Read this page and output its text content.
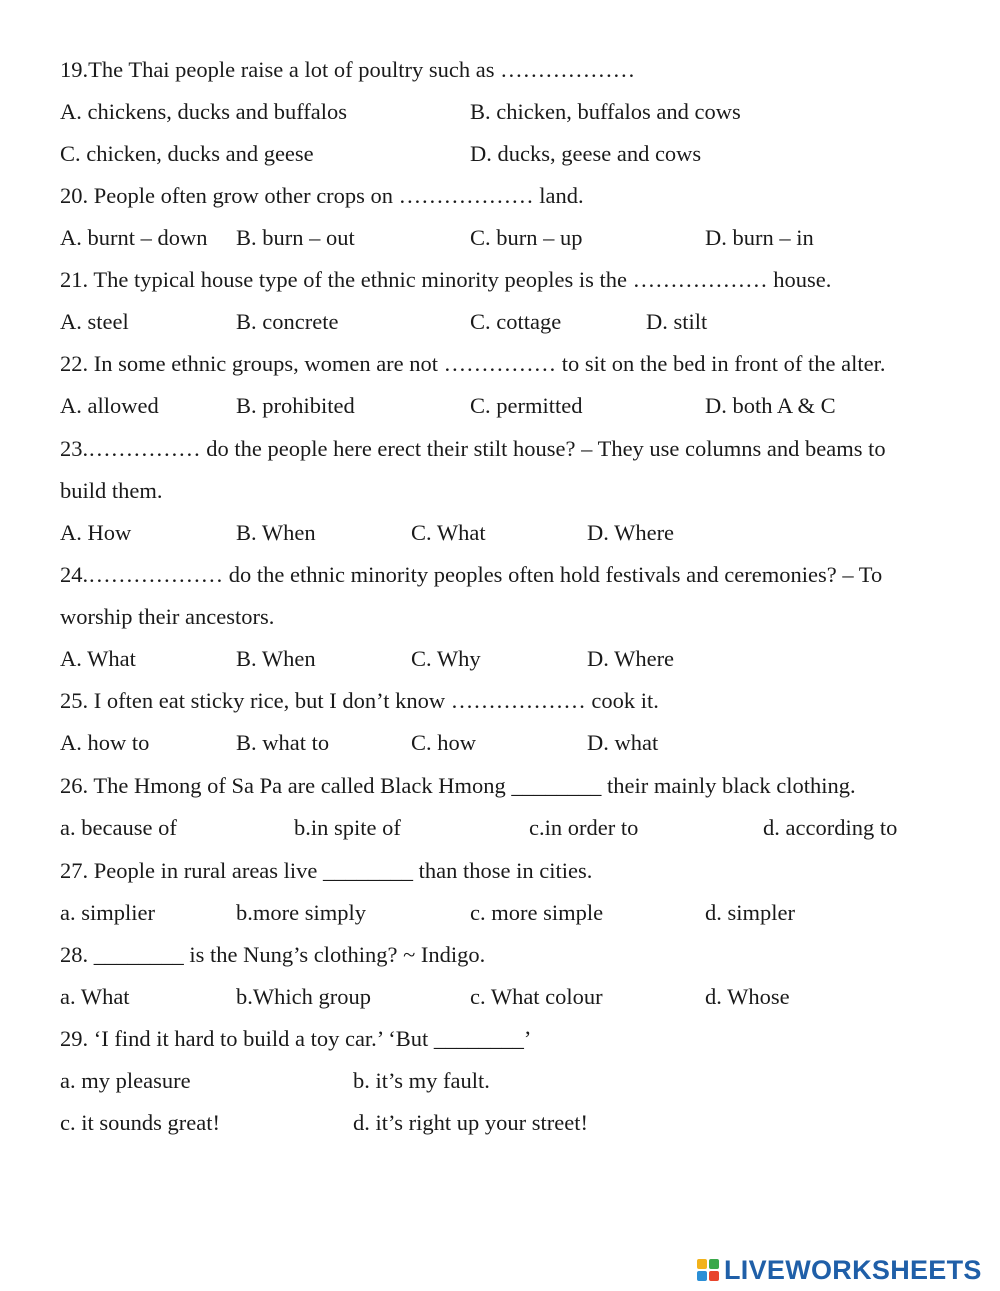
19.The Thai people raise a lot of poultry such as ………………

A. chickens, ducks and buffalos	B. chicken, buffalos and cows
C. chicken, ducks and geese	D. ducks, geese and cows

20. People often grow other crops on ……………… land.

A. burnt – down B. burn – out	C. burn – up	D. burn – in

21. The typical house type of the ethnic minority peoples is the ……………… house.

A. steel	B. concrete	C. cottage	D. stilt

22. In some ethnic groups, women are not …………… to sit on the bed in front of the alter.

A. allowed	B. prohibited	C. permitted	D. both A & C

23.…………… do the people here erect their stilt house? – They use columns and beams to

build them.

A. How	B. When	C. What	D. Where

24.……………… do the ethnic minority peoples often hold festivals and ceremonies? – To

worship their ancestors.

A. What	B. When	C. Why	D. Where

25. I often eat sticky rice, but I don’t know ……………… cook it.

A. how to	B. what to	C. how	D. what

26. The Hmong of Sa Pa are called Black Hmong ________ their mainly black clothing.

a. because of	b.in spite of	c.in order to	d. according to

27. People in rural areas live ________ than those in cities.

a. simplier	b.more simply	c. more simple	d. simpler

28. ________ is the Nung’s clothing? ~ Indigo.

a. What	b.Which group	c. What colour	d. Whose

29. ‘I find it hard to build a toy car.’ ‘But ________’

a. my pleasure	b. it’s my fault.
c. it sounds great!	d. it’s right up your street!
LIVEWORKSHEETS
